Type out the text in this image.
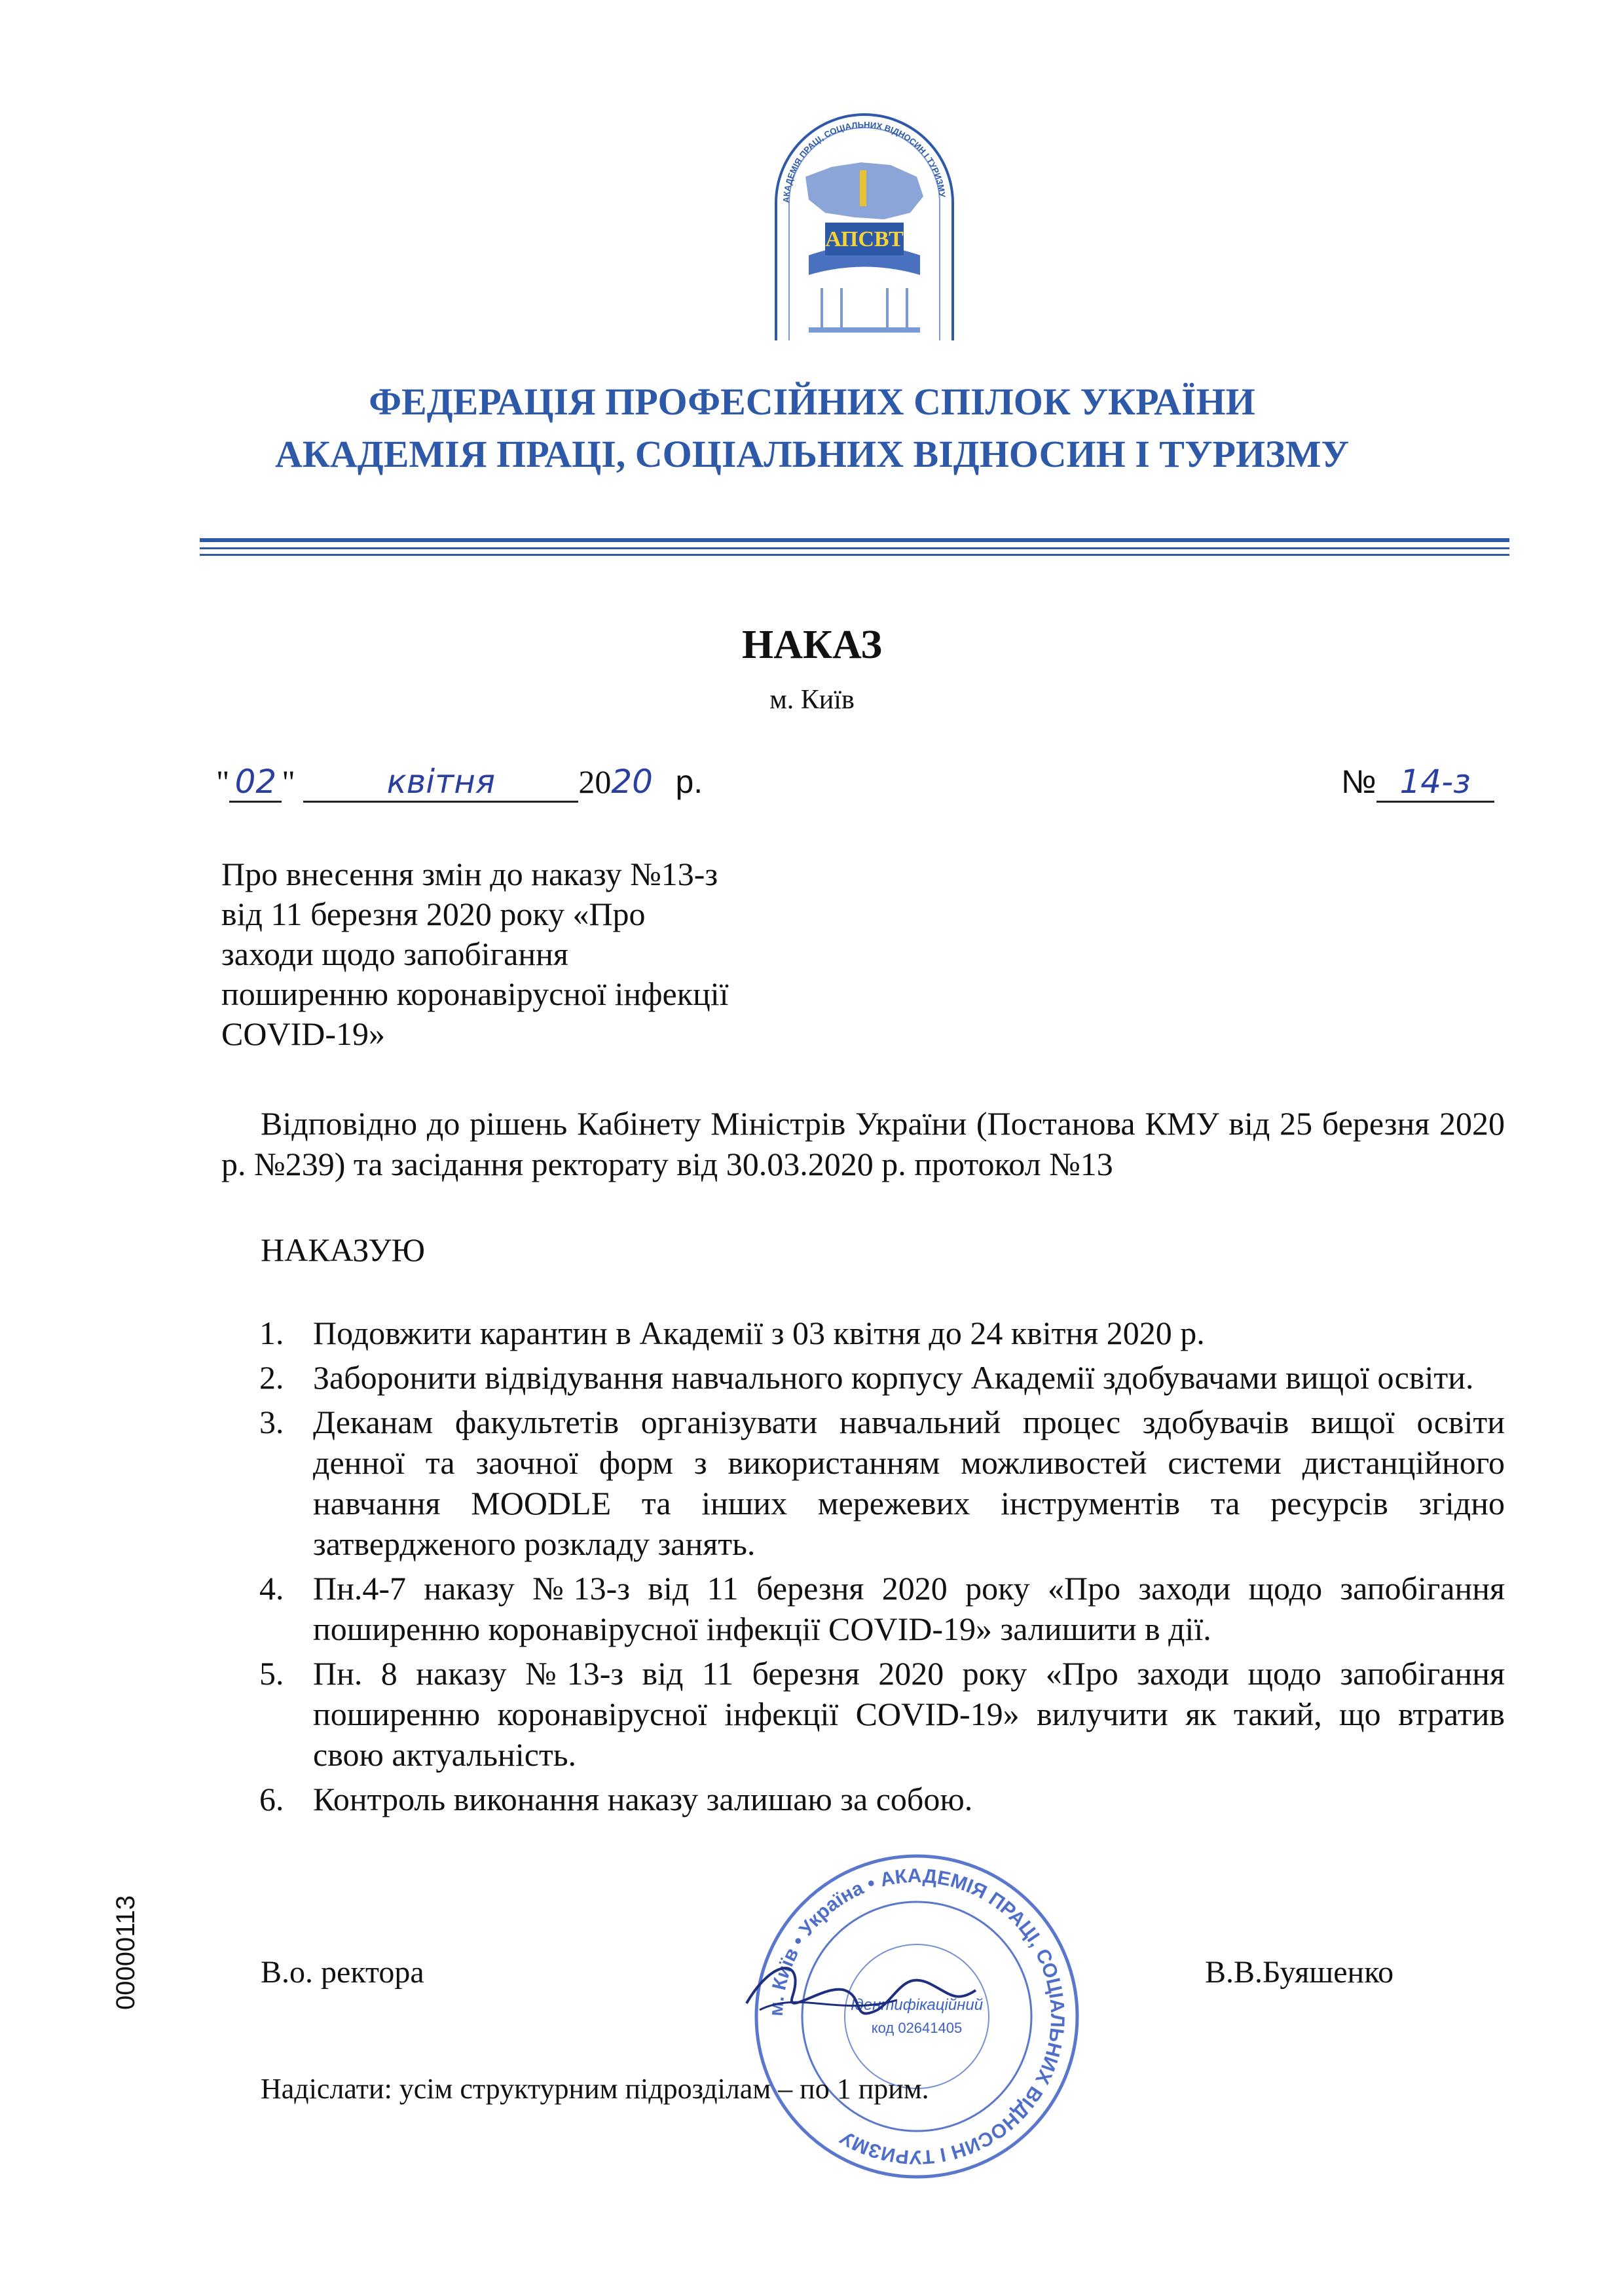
АКАДЕМІЯ ПРАЦІ, СОЦІАЛЬНИХ ВІДНОСИН І ТУРИЗМУ
АПСВТ
ФЕДЕРАЦІЯ ПРОФЕСІЙНИХ СПІЛОК УКРАЇНИ
АКАДЕМІЯ ПРАЦІ, СОЦІАЛЬНИХ ВІДНОСИН І ТУРИЗМУ
НАКАЗ
м. Київ
" 02 "	квітня	2020 р.	№ 14-з
Про внесення змін до наказу №13-з
від 11 березня 2020 року «Про
заходи щодо запобігання
поширенню коронавірусної інфекції
COVID-19»
Відповідно до рішень Кабінету Міністрів України (Постанова КМУ від 25 березня 2020 р. №239) та засідання ректорату від 30.03.2020 р. протокол №13
НАКАЗУЮ
1. Подовжити карантин в Академії з 03 квітня до 24 квітня 2020 р.
2. Заборонити відвідування навчального корпусу Академії здобувачами вищої освіти.
3. Деканам факультетів організувати навчальний процес здобувачів вищої освіти денної та заочної форм з використанням можливостей системи дистанційного навчання MOODLE та інших мережевих інструментів та ресурсів згідно затвердженого розкладу занять.
4. Пн.4-7 наказу №13-з від 11 березня 2020 року «Про заходи щодо запобігання поширенню коронавірусної інфекції COVID-19» залишити в дії.
5. Пн. 8 наказу №13-з від 11 березня 2020 року «Про заходи щодо запобігання поширенню коронавірусної інфекції COVID-19» вилучити як такий, що втратив свою актуальність.
6. Контроль виконання наказу залишаю за собою.
м. Київ • Україна • АКАДЕМІЯ ПРАЦІ, СОЦІАЛЬНИХ ВІДНОСИН І ТУРИЗМУ
Ідентифікаційний
код 02641405
В.о. ректора	В.В.Буяшенко
Надіслати: усім структурним підрозділам – по 1 прим.
00000113
